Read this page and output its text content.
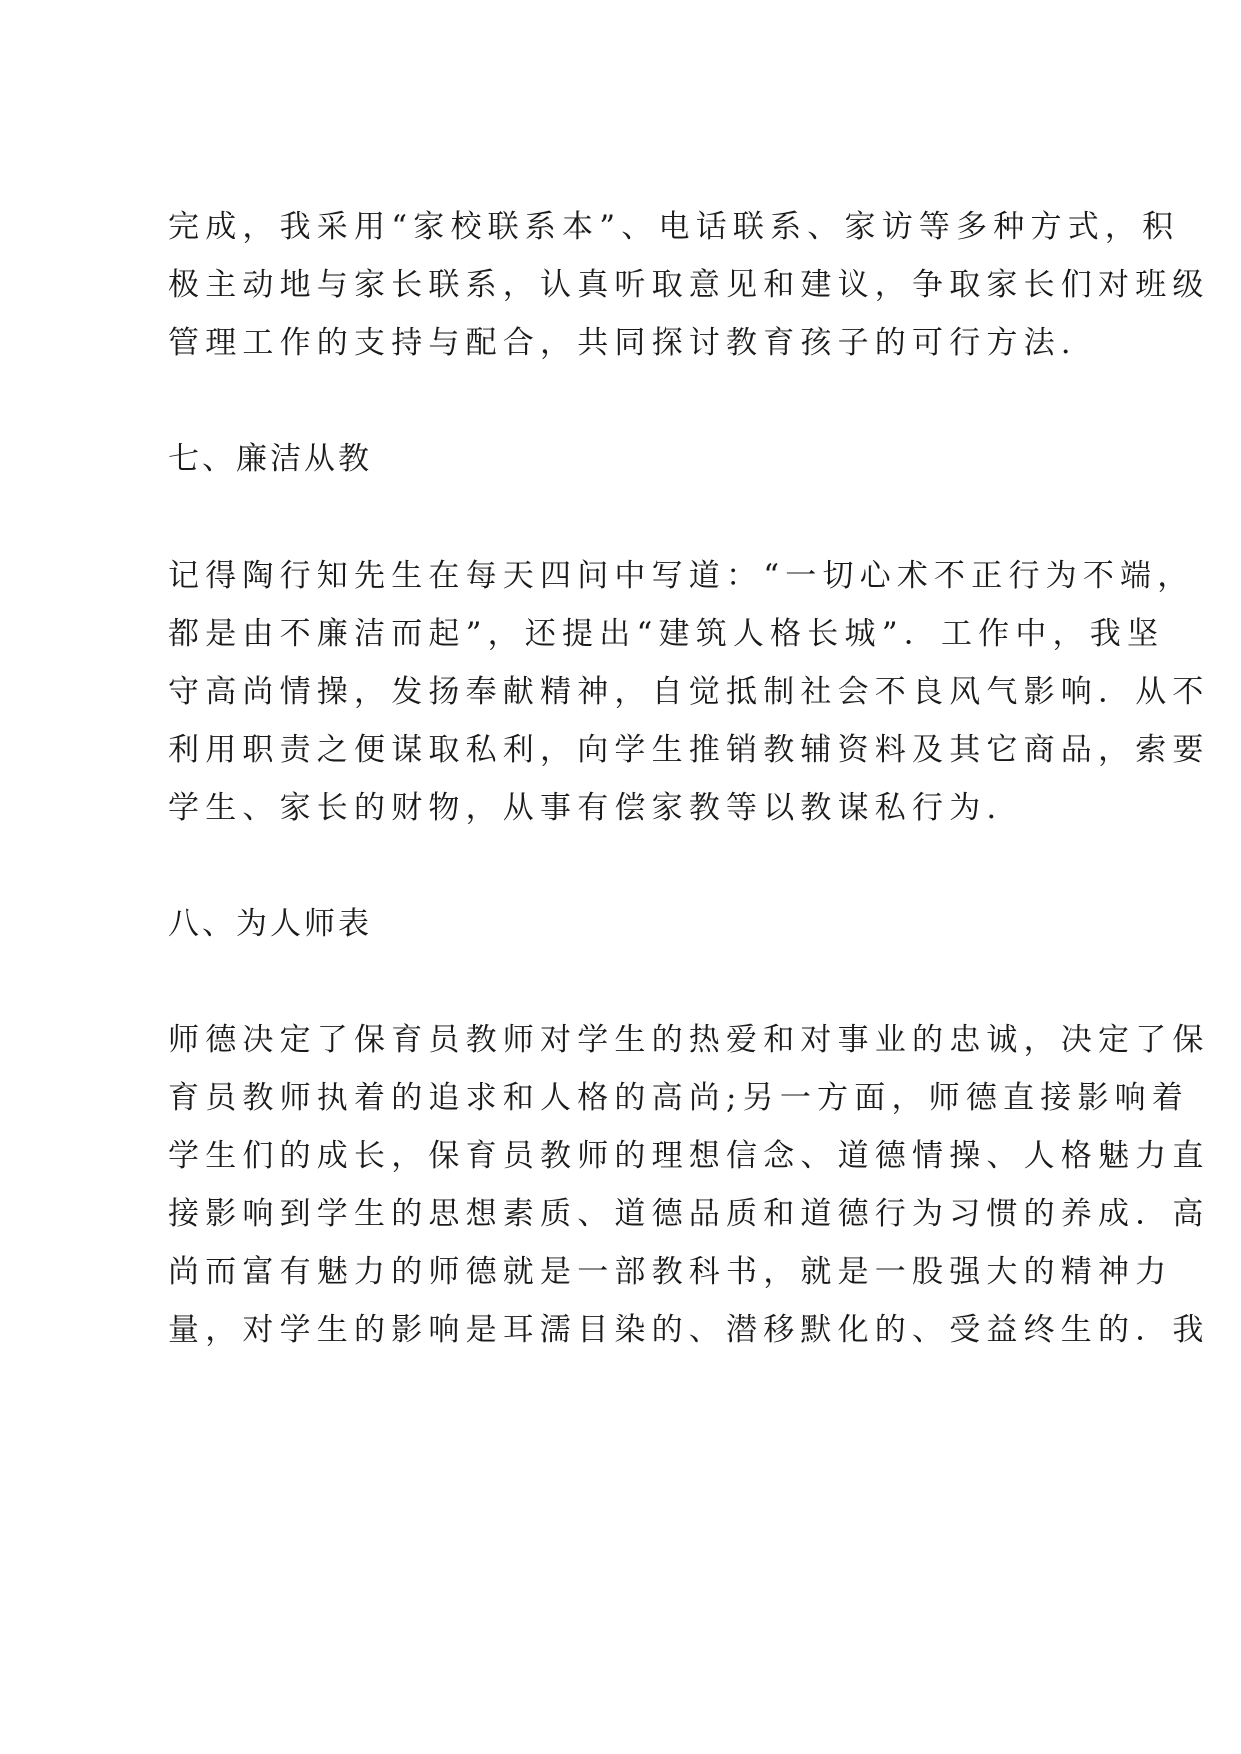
完成，我采用“家校联系本”、电话联系、家访等多种方式，积
极主动地与家长联系，认真听取意见和建议，争取家长们对班级
管理工作的支持与配合，共同探讨教育孩子的可行方法.
七、廉洁从教
记得陶行知先生在每天四问中写道：“一切心术不正行为不端，
都是由不廉洁而起”，还提出“建筑人格长城”．工作中，我坚
守高尚情操，发扬奉献精神，自觉抵制社会不良风气影响．从不
利用职责之便谋取私利，向学生推销教辅资料及其它商品，索要
学生、家长的财物，从事有偿家教等以教谋私行为.
八、为人师表
师德决定了保育员教师对学生的热爱和对事业的忠诚，决定了保
育员教师执着的追求和人格的高尚;另一方面，师德直接影响着
学生们的成长，保育员教师的理想信念、道德情操、人格魅力直
接影响到学生的思想素质、道德品质和道德行为习惯的养成．高
尚而富有魅力的师德就是一部教科书，就是一股强大的精神力
量，对学生的影响是耳濡目染的、潜移默化的、受益终生的．我
